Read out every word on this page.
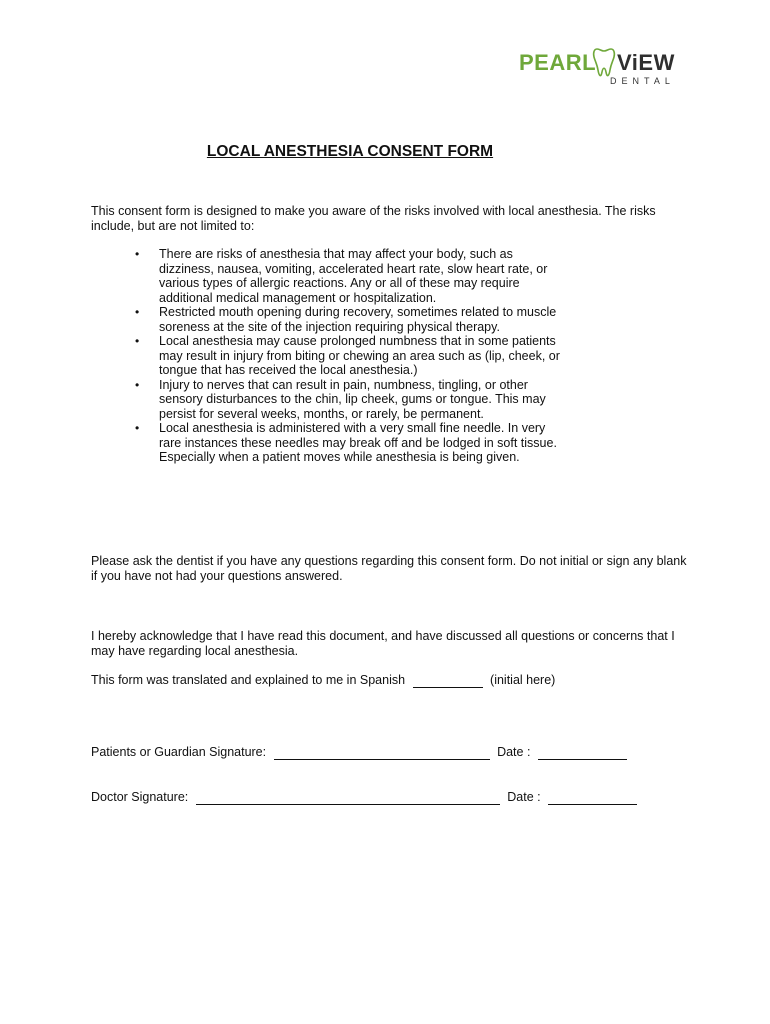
PEARL ViEW
DENTAL
LOCAL ANESTHESIA CONSENT FORM

This consent form is designed to make you aware of the risks involved with local anesthesia. The risks include, but are not limited to:

• There are risks of anesthesia that may affect your body, such as dizziness, nausea, vomiting, accelerated heart rate, slow heart rate, or various types of allergic reactions. Any or all of these may require additional medical management or hospitalization.
• Restricted mouth opening during recovery, sometimes related to muscle soreness at the site of the injection requiring physical therapy.
• Local anesthesia may cause prolonged numbness that in some patients may result in injury from biting or chewing an area such as (lip, cheek, or tongue that has received the local anesthesia.)
• Injury to nerves that can result in pain, numbness, tingling, or other sensory disturbances to the chin, lip cheek, gums or tongue. This may persist for several weeks, months, or rarely, be permanent.
• Local anesthesia is administered with a very small fine needle. In very rare instances these needles may break off and be lodged in soft tissue. Especially when a patient moves while anesthesia is being given.

Please ask the dentist if you have any questions regarding this consent form. Do not initial or sign any blank if you have not had your questions answered.

I hereby acknowledge that I have read this document, and have discussed all questions or concerns that I may have regarding local anesthesia.

This form was translated and explained to me in Spanish	(initial here)
Patients or Guardian Signature:	Date :
Doctor Signature:	Date :
